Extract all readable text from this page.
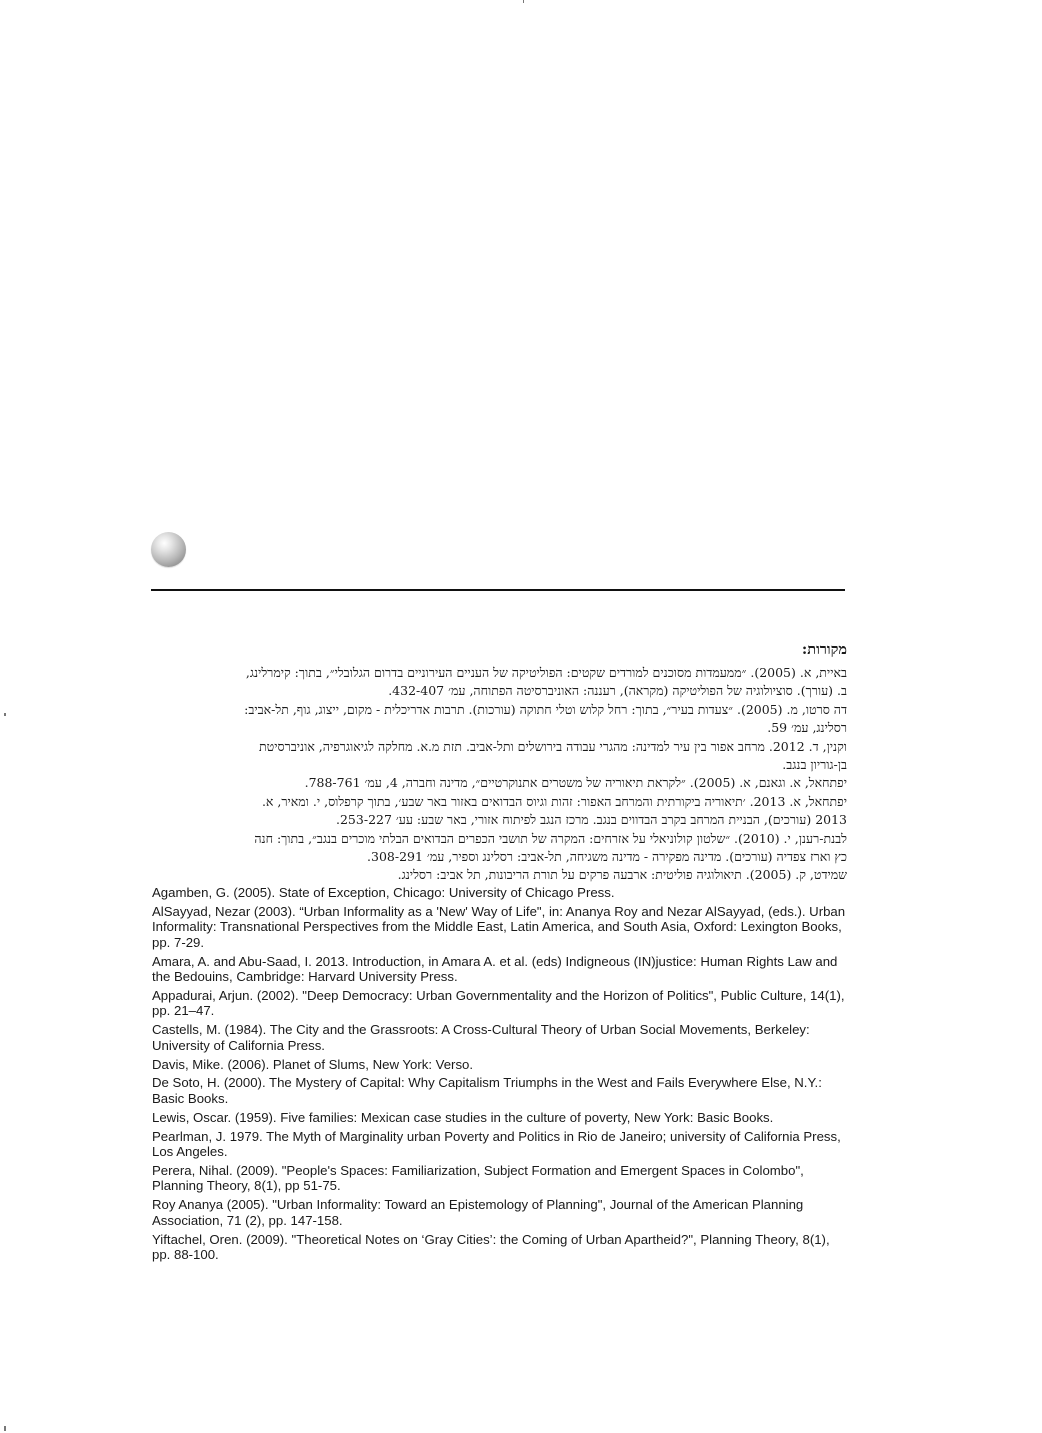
מקורות:
באיית, א. (2005). ״ממעמדות מסוכנים למורדים שקטים: הפוליטיקה של העניים העירוניים בדרום הגלובלי״, בתוך: קימרלינג,
ב. (עורך). סוציולוגיה של הפוליטיקה (מקראה), רעננה: האוניברסיטה הפתוחה, עמ׳ 432-407.
דה סרטו, מ. (2005). ״צעדות בעיר״, בתוך: רחל קלוש וטלי חתוקה (עורכות). תרבות אדריכלית - מקום, ייצוג, גוף, תל-אביב:
רסלינג, עמ׳ 59.
וקנין, ד. 2012. מרחב אפור בין עיר למדינה: מהגרי עבודה בירושלים ותל-אביב. תזת מ.א. מחלקה לגיאוגרפיה, אוניברסיטת
בן-גוריון בנגב.
יפתחאל, א. וגאנם, א. (2005). ״לקראת תיאוריה של משטרים אתנוקרטיים״, מדינה וחברה, 4, עמ׳ 788-761.
יפתחאל, א. 2013. ׳תיאוריה ביקורתית והמרחב האפור: זהות וגיוס הבדואים באזור באר שבע׳, בתוך קרפלוס, י. ומאיר, א.
2013 (עורכים), הבניית המרחב בקרב הבדווים בנגב. מרכז הנגב לפיתוח אזורי, באר שבע: עע׳ 253-227.
לבנת-רענן, י. (2010). ״שלטון קולוניאלי על אזרחים: המקרה של תושבי הכפרים הבדואים הבלתי מוכרים בנגב״, בתוך: חנה
כץ וארז צפדיה (עורכים). מדינה מפקירה - מדינה משגיחה, תל-אביב: רסלינג וספיר, עמ׳ 308-291.
שמידט, ק. (2005). תיאולוגיה פוליטית: ארבעה פרקים על תורת הריבונות, תל אביב: רסלינג.
Agamben, G. (2005). State of Exception, Chicago: University of Chicago Press.
AlSayyad, Nezar (2003). “Urban Informality as a 'New' Way of Life", in: Ananya Roy and Nezar AlSayyad, (eds.). Urban Informality: Transnational Perspectives from the Middle East, Latin America, and South Asia, Oxford: Lexington Books, pp. 7-29.
Amara, A. and Abu-Saad, I. 2013. Introduction, in Amara A. et al. (eds) Indigneous (IN)justice: Human Rights Law and the Bedouins, Cambridge: Harvard University Press.
Appadurai, Arjun. (2002). "Deep Democracy: Urban Governmentality and the Horizon of Politics", Public Culture, 14(1), pp. 21–47.
Castells, M. (1984). The City and the Grassroots: A Cross-Cultural Theory of Urban Social Movements, Berkeley: University of California Press.
Davis, Mike. (2006). Planet of Slums, New York: Verso.
De Soto, H. (2000). The Mystery of Capital: Why Capitalism Triumphs in the West and Fails Everywhere Else, N.Y.: Basic Books.
Lewis, Oscar. (1959). Five families: Mexican case studies in the culture of poverty, New York: Basic Books.
Pearlman, J. 1979. The Myth of Marginality urban Poverty and Politics in Rio de Janeiro; university of California Press, Los Angeles.
Perera, Nihal. (2009). "People's Spaces: Familiarization, Subject Formation and Emergent Spaces in Colombo", Planning Theory, 8(1), pp 51-75.
Roy Ananya (2005). "Urban Informality: Toward an Epistemology of Planning", Journal of the American Planning Association, 71 (2), pp. 147-158.
Yiftachel, Oren. (2009). "Theoretical Notes on ‘Gray Cities’: the Coming of Urban Apartheid?", Planning Theory, 8(1), pp. 88-100.
